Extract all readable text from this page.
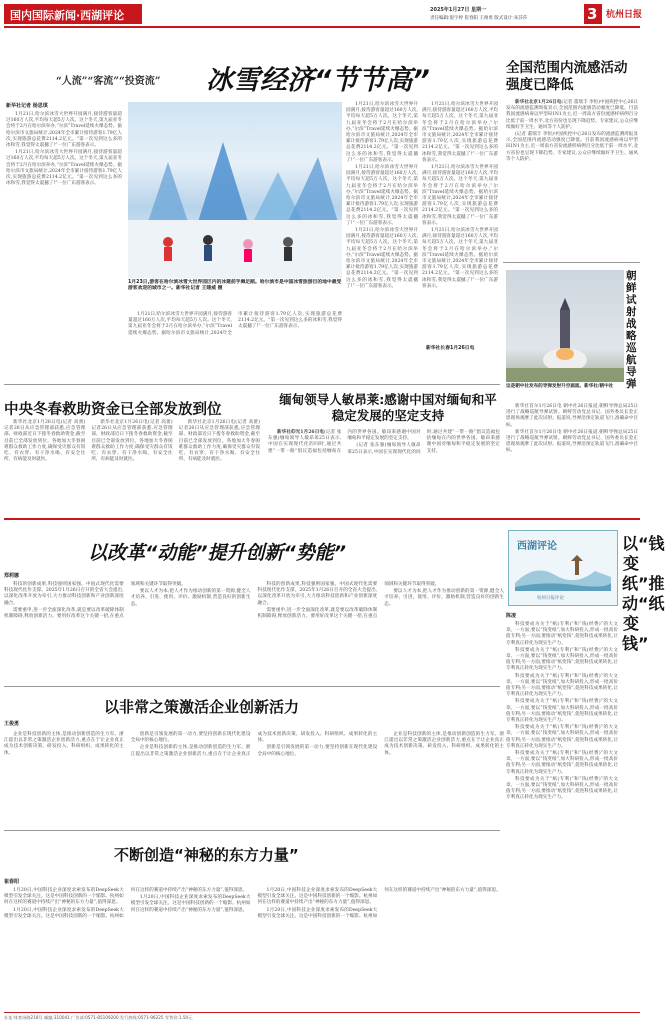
国内国际新闻·西湖评论	2025年1月27日 星期一
责任编辑:倪宇婷 崔春阳 王俊勇 版式设计:朱莎莎	3 杭州日报
“人流”“客流”“投资流” 冰雪经济“节节高”
新华社记者 杨思琪

1月21日,哈尔滨冰雪大世界开园满月,接待游客量超过160万人次,平均每天超5万人次。这个冬天,第九届亚冬会将于2月在哈尔滨举办,“尔滨”Travel延续火爆态势。据哈尔滨市文旅局统计,2024年全市累计接待游客1.79亿人次,实现旅游总花费2114.2亿元。“第一次见到这么多的冰和雪,我觉得太震撼了!”一位广东游客表示。

1月21日,哈尔滨冰雪大世界开园满月,接待游客量超过160万人次,平均每天超5万人次。这个冬天,第九届亚冬会将于2月在哈尔滨举办,“尔滨”Travel延续火爆态势。据哈尔滨市文旅局统计,2024年全市累计接待游客1.79亿人次,实现旅游总花费2114.2亿元。“第一次见到这么多的冰和雪,我觉得太震撼了!”一位广东游客表示。

1月23日,游客在哈尔滨冰雪大世界园区内的冰建前手舞足蹈。哈尔滨市是中国冰雪旅游目的地中最受游客欢迎的城市之一。新华社记者 王建威 摄

1月21日,哈尔滨冰雪大世界开园满月,接待游客量超过160万人次,平均每天超5万人次。这个冬天,第九届亚冬会将于2月在哈尔滨举办,“尔滨”Travel延续火爆态势。据哈尔滨市文旅局统计,2024年全市累计接待游客1.79亿人次,实现旅游总花费2114.2亿元。“第一次见到这么多的冰和雪,我觉得太震撼了!”一位广东游客表示。

1月21日,哈尔滨冰雪大世界开园满月,接待游客量超过160万人次,平均每天超5万人次。这个冬天,第九届亚冬会将于2月在哈尔滨举办,“尔滨”Travel延续火爆态势。据哈尔滨市文旅局统计,2024年全市累计接待游客1.79亿人次,实现旅游总花费2114.2亿元。“第一次见到这么多的冰和雪,我觉得太震撼了!”一位广东游客表示。

1月21日,哈尔滨冰雪大世界开园满月,接待游客量超过160万人次,平均每天超5万人次。这个冬天,第九届亚冬会将于2月在哈尔滨举办,“尔滨”Travel延续火爆态势。据哈尔滨市文旅局统计,2024年全市累计接待游客1.79亿人次,实现旅游总花费2114.2亿元。“第一次见到这么多的冰和雪,我觉得太震撼了!”一位广东游客表示。

1月21日,哈尔滨冰雪大世界开园满月,接待游客量超过160万人次,平均每天超5万人次。这个冬天,第九届亚冬会将于2月在哈尔滨举办,“尔滨”Travel延续火爆态势。据哈尔滨市文旅局统计,2024年全市累计接待游客1.79亿人次,实现旅游总花费2114.2亿元。“第一次见到这么多的冰和雪,我觉得太震撼了!”一位广东游客表示。

1月21日,哈尔滨冰雪大世界开园满月,接待游客量超过160万人次,平均每天超5万人次。这个冬天,第九届亚冬会将于2月在哈尔滨举办,“尔滨”Travel延续火爆态势。据哈尔滨市文旅局统计,2024年全市累计接待游客1.79亿人次,实现旅游总花费2114.2亿元。“第一次见到这么多的冰和雪,我觉得太震撼了!”一位广东游客表示。

1月21日,哈尔滨冰雪大世界开园满月,接待游客量超过160万人次,平均每天超5万人次。这个冬天,第九届亚冬会将于2月在哈尔滨举办,“尔滨”Travel延续火爆态势。据哈尔滨市文旅局统计,2024年全市累计接待游客1.79亿人次,实现旅游总花费2114.2亿元。“第一次见到这么多的冰和雪,我觉得太震撼了!”一位广东游客表示。

新华社长春1月26日电

1月21日,哈尔滨冰雪大世界开园满月,接待游客量超过160万人次,平均每天超5万人次。这个冬天,第九届亚冬会将于2月在哈尔滨举办,“尔滨”Travel延续火爆态势。据哈尔滨市文旅局统计,2024年全市累计接待游客1.79亿人次,实现旅游总花费2114.2亿元。“第一次见到这么多的冰和雪,我觉得太震撼了!”一位广东游客表示。

全国范围内流感活动强度已降低

新华社北京1月26日电(记者 董瑞丰 李恒)中国疾控中心26日发布的流感监测周报显示,全国范围内流感活动强度已降低。目前我国流感病毒以甲型H1N1为主,近一周南方省份流感样病例百分比低于前一周水平,北方省份也呈现下降趋势。专家建议,公众应继续做好手卫生、通风等个人防护。

(记者 董瑞丰 李恒)中国疾控中心26日发布的流感监测周报显示,全国范围内流感活动强度已降低。目前我国流感病毒以甲型H1N1为主,近一周南方省份流感样病例百分比低于前一周水平,北方省份也呈现下降趋势。专家建议,公众应继续做好手卫生、通风等个人防护。

朝鲜试射战略巡航导弹
这是朝中社发布的导弹发射升空画面。新华社/朝中社

新华社首尔1月26日电 朝中社26日报道,朝鲜导弹总局25日进行了战略巡航导弹试射。朝鲜劳动党总书记、国务委员长金正恩现场观摩了此次试射。报道说,导弹沿预定轨道飞行,准确命中目标。

新华社首尔1月26日电 朝中社26日报道,朝鲜导弹总局25日进行了战略巡航导弹试射。朝鲜劳动党总书记、国务委员长金正恩现场观摩了此次试射。报道说,导弹沿预定轨道飞行,准确命中目标。

中央冬春救助资金已全部发放到位

新华社北京1月26日电(记者 高蕾)记者26日从应急管理部获悉,应急管理部、财政部近日下拨冬春救助资金,截至目前已全部发放到位。各地加大冬春困难群众救助工作力度,确保受灾群众有饭吃、有衣穿、有干净水喝、有安全住所、有病能及时就医。

新华社北京1月26日电(记者 高蕾)记者26日从应急管理部获悉,应急管理部、财政部近日下拨冬春救助资金,截至目前已全部发放到位。各地加大冬春困难群众救助工作力度,确保受灾群众有饭吃、有衣穿、有干净水喝、有安全住所、有病能及时就医。

新华社北京1月26日电(记者 高蕾)记者26日从应急管理部获悉,应急管理部、财政部近日下拨冬春救助资金,截至目前已全部发放到位。各地加大冬春困难群众救助工作力度,确保受灾群众有饭吃、有衣穿、有干净水喝、有安全住所、有病能及时就医。

缅甸领导人敏昂莱:感谢中国对缅甸和平稳定发展的坚定支持

新华社仰光1月26日电(记者 张东强)缅甸领导人敏昂莱25日表示,中国在实现现代化的同时,通过共建“一带一路”倡议造福包括缅甸在内的世界各国。敏昂莱感谢中国对缅甸和平稳定发展的坚定支持。

(记者 张东强)缅甸领导人敏昂莱25日表示,中国在实现现代化的同时,通过共建“一带一路”倡议造福包括缅甸在内的世界各国。敏昂莱感谢中国对缅甸和平稳定发展的坚定支持。

以改革“动能”提升创新“势能”
郑莉娜

科技的创新成果,科技强则国家强。中国式现代化需要科技现代化作支撑。2025年1月26日召开的全省大会提出,以深化改革开放为牵引,大力推动科技创新和产业创新深度融合。

需要重申,进一步全面深化改革,就是要以改革破除体制机制障碍,释放创新活力。要用好改革这个关键一招,在重点领域和关键环节取得突破。

要以人才为本,把人才作为推动创新的第一资源,健全人才培养、引进、使用、评价、激励机制,营造良好的创新生态。

科技的创新成果,科技强则国家强。中国式现代化需要科技现代化作支撑。2025年1月26日召开的全省大会提出,以深化改革开放为牵引,大力推动科技创新和产业创新深度融合。

需要重申,进一步全面深化改革,就是要以改革破除体制机制障碍,释放创新活力。要用好改革这个关键一招,在重点领域和关键环节取得突破。

要以人才为本,把人才作为推动创新的第一资源,健全人才培养、引进、使用、评价、激励机制,营造良好的创新生态。

西湖评论
杭州日报评论
陈凌

科技要成为关于“纸(专利)”和“钱(经费)”的大文章。一方面,要以“钱变纸”,加大科研投入,形成一批高价值专利;另一方面,要推动“纸变钱”,促进科技成果转化,让专利真正转化为现实生产力。

科技要成为关于“纸(专利)”和“钱(经费)”的大文章。一方面,要以“钱变纸”,加大科研投入,形成一批高价值专利;另一方面,要推动“纸变钱”,促进科技成果转化,让专利真正转化为现实生产力。

科技要成为关于“纸(专利)”和“钱(经费)”的大文章。一方面,要以“钱变纸”,加大科研投入,形成一批高价值专利;另一方面,要推动“纸变钱”,促进科技成果转化,让专利真正转化为现实生产力。

科技要成为关于“纸(专利)”和“钱(经费)”的大文章。一方面,要以“钱变纸”,加大科研投入,形成一批高价值专利;另一方面,要推动“纸变钱”,促进科技成果转化,让专利真正转化为现实生产力。

科技要成为关于“纸(专利)”和“钱(经费)”的大文章。一方面,要以“钱变纸”,加大科研投入,形成一批高价值专利;另一方面,要推动“纸变钱”,促进科技成果转化,让专利真正转化为现实生产力。

科技要成为关于“纸(专利)”和“钱(经费)”的大文章。一方面,要以“钱变纸”,加大科研投入,形成一批高价值专利;另一方面,要推动“纸变钱”,促进科技成果转化,让专利真正转化为现实生产力。

科技要成为关于“纸(专利)”和“钱(经费)”的大文章。一方面,要以“钱变纸”,加大科研投入,形成一批高价值专利;另一方面,要推动“纸变钱”,促进科技成果转化,让专利真正转化为现实生产力。

以“钱变纸”推动“纸变钱”
以非常之策激活企业创新活力
王俊勇

企业是科技创新的主体,是推动创新创造的生力军。浙江提出以非常之策激活企业创新活力,重点在于让企业真正成为技术创新决策、研发投入、科研组织、成果转化的主体。

创新是引领发展的第一动力,要坚持创新在现代化建设全局中的核心地位。

企业是科技创新的主体,是推动创新创造的生力军。浙江提出以非常之策激活企业创新活力,重点在于让企业真正成为技术创新决策、研发投入、科研组织、成果转化的主体。

创新是引领发展的第一动力,要坚持创新在现代化建设全局中的核心地位。

企业是科技创新的主体,是推动创新创造的生力军。浙江提出以非常之策激活企业创新活力,重点在于让企业真正成为技术创新决策、研发投入、科研组织、成果转化的主体。

不断创造“神秘的东方力量”
崔春阳

1月20日,中国科技企业深度求索发布的DeepSeek大模型引发全球关注。这是中国科技创新的一个缩影。杭州如何在这样的赛道中持续产出“神秘的东方力量”,值得深思。

1月20日,中国科技企业深度求索发布的DeepSeek大模型引发全球关注。这是中国科技创新的一个缩影。杭州如何在这样的赛道中持续产出“神秘的东方力量”,值得深思。

1月20日,中国科技企业深度求索发布的DeepSeek大模型引发全球关注。这是中国科技创新的一个缩影。杭州如何在这样的赛道中持续产出“神秘的东方力量”,值得深思。

1月20日,中国科技企业深度求索发布的DeepSeek大模型引发全球关注。这是中国科技创新的一个缩影。杭州如何在这样的赛道中持续产出“神秘的东方力量”,值得深思。

1月20日,中国科技企业深度求索发布的DeepSeek大模型引发全球关注。这是中国科技创新的一个缩影。杭州如何在这样的赛道中持续产出“神秘的东方力量”,值得深思。

社址:体育场路218号 邮编:310041 广告部:0571-85109200 发行热线:0571-96225 零售价:1.50元
